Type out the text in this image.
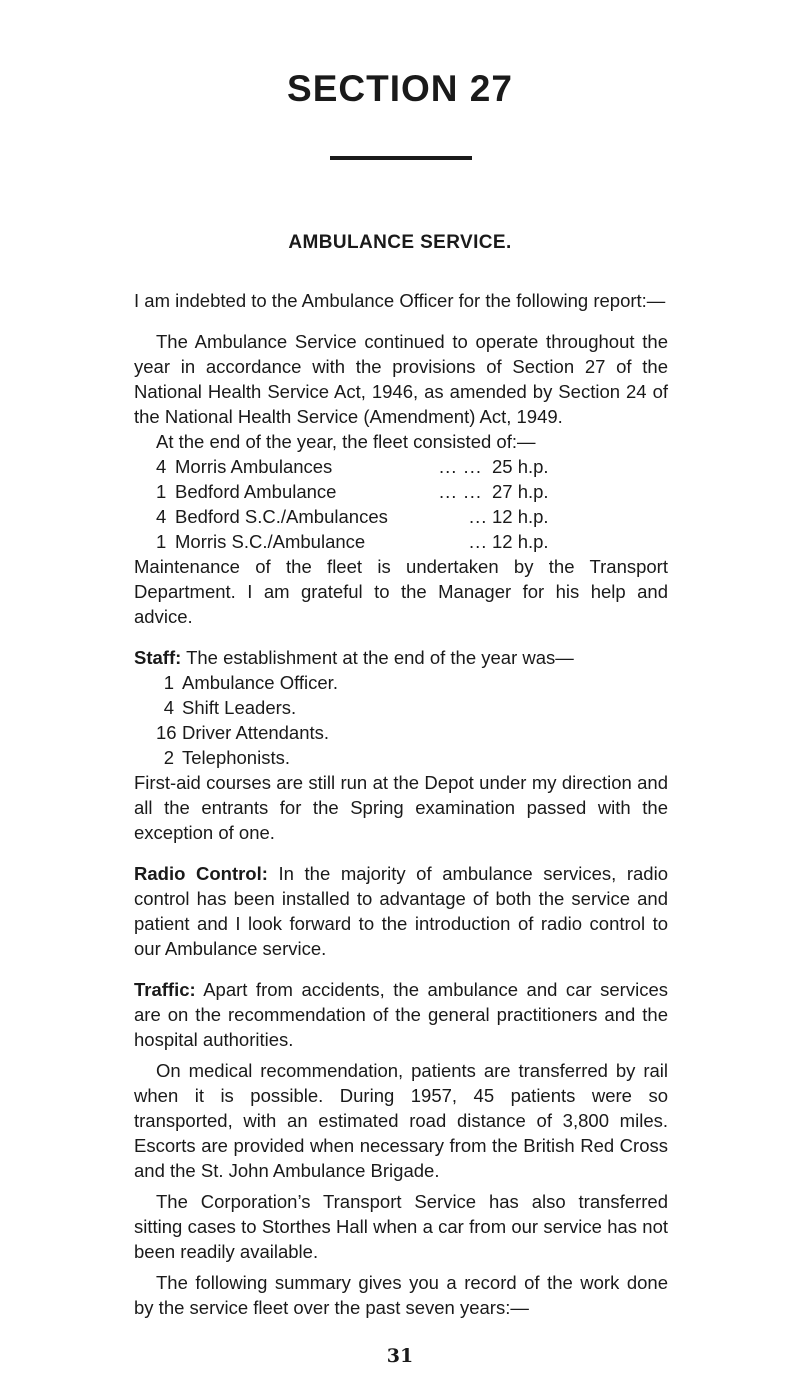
SECTION 27
AMBULANCE SERVICE.

I am indebted to the Ambulance Officer for the following report:—

The Ambulance Service continued to operate throughout the year in accordance with the provisions of Section 27 of the National Health Service Act, 1946, as amended by Section 24 of the National Health Service (Amendment) Act, 1949.

At the end of the year, the fleet consisted of:—

4 Morris Ambulances	... ... 25 h.p.
1 Bedford Ambulance	... ... 27 h.p.
4 Bedford S.C./Ambulances	... 12 h.p.
1 Morris S.C./Ambulance	... 12 h.p.

Maintenance of the fleet is undertaken by the Transport Department. I am grateful to the Manager for his help and advice.

Staff: The establishment at the end of the year was—

1 Ambulance Officer.
4 Shift Leaders.
16 Driver Attendants.
2 Telephonists.

First-aid courses are still run at the Depot under my direction and all the entrants for the Spring examination passed with the exception of one.

Radio Control: In the majority of ambulance services, radio control has been installed to advantage of both the service and patient and I look forward to the introduction of radio control to our Ambulance service.

Traffic: Apart from accidents, the ambulance and car services are on the recommendation of the general practitioners and the hospital authorities.

On medical recommendation, patients are transferred by rail when it is possible. During 1957, 45 patients were so transported, with an estimated road distance of 3,800 miles. Escorts are provided when necessary from the British Red Cross and the St. John Ambulance Brigade.

The Corporation’s Transport Service has also transferred sitting cases to Storthes Hall when a car from our service has not been readily available.

The following summary gives you a record of the work done by the service fleet over the past seven years:—

31
